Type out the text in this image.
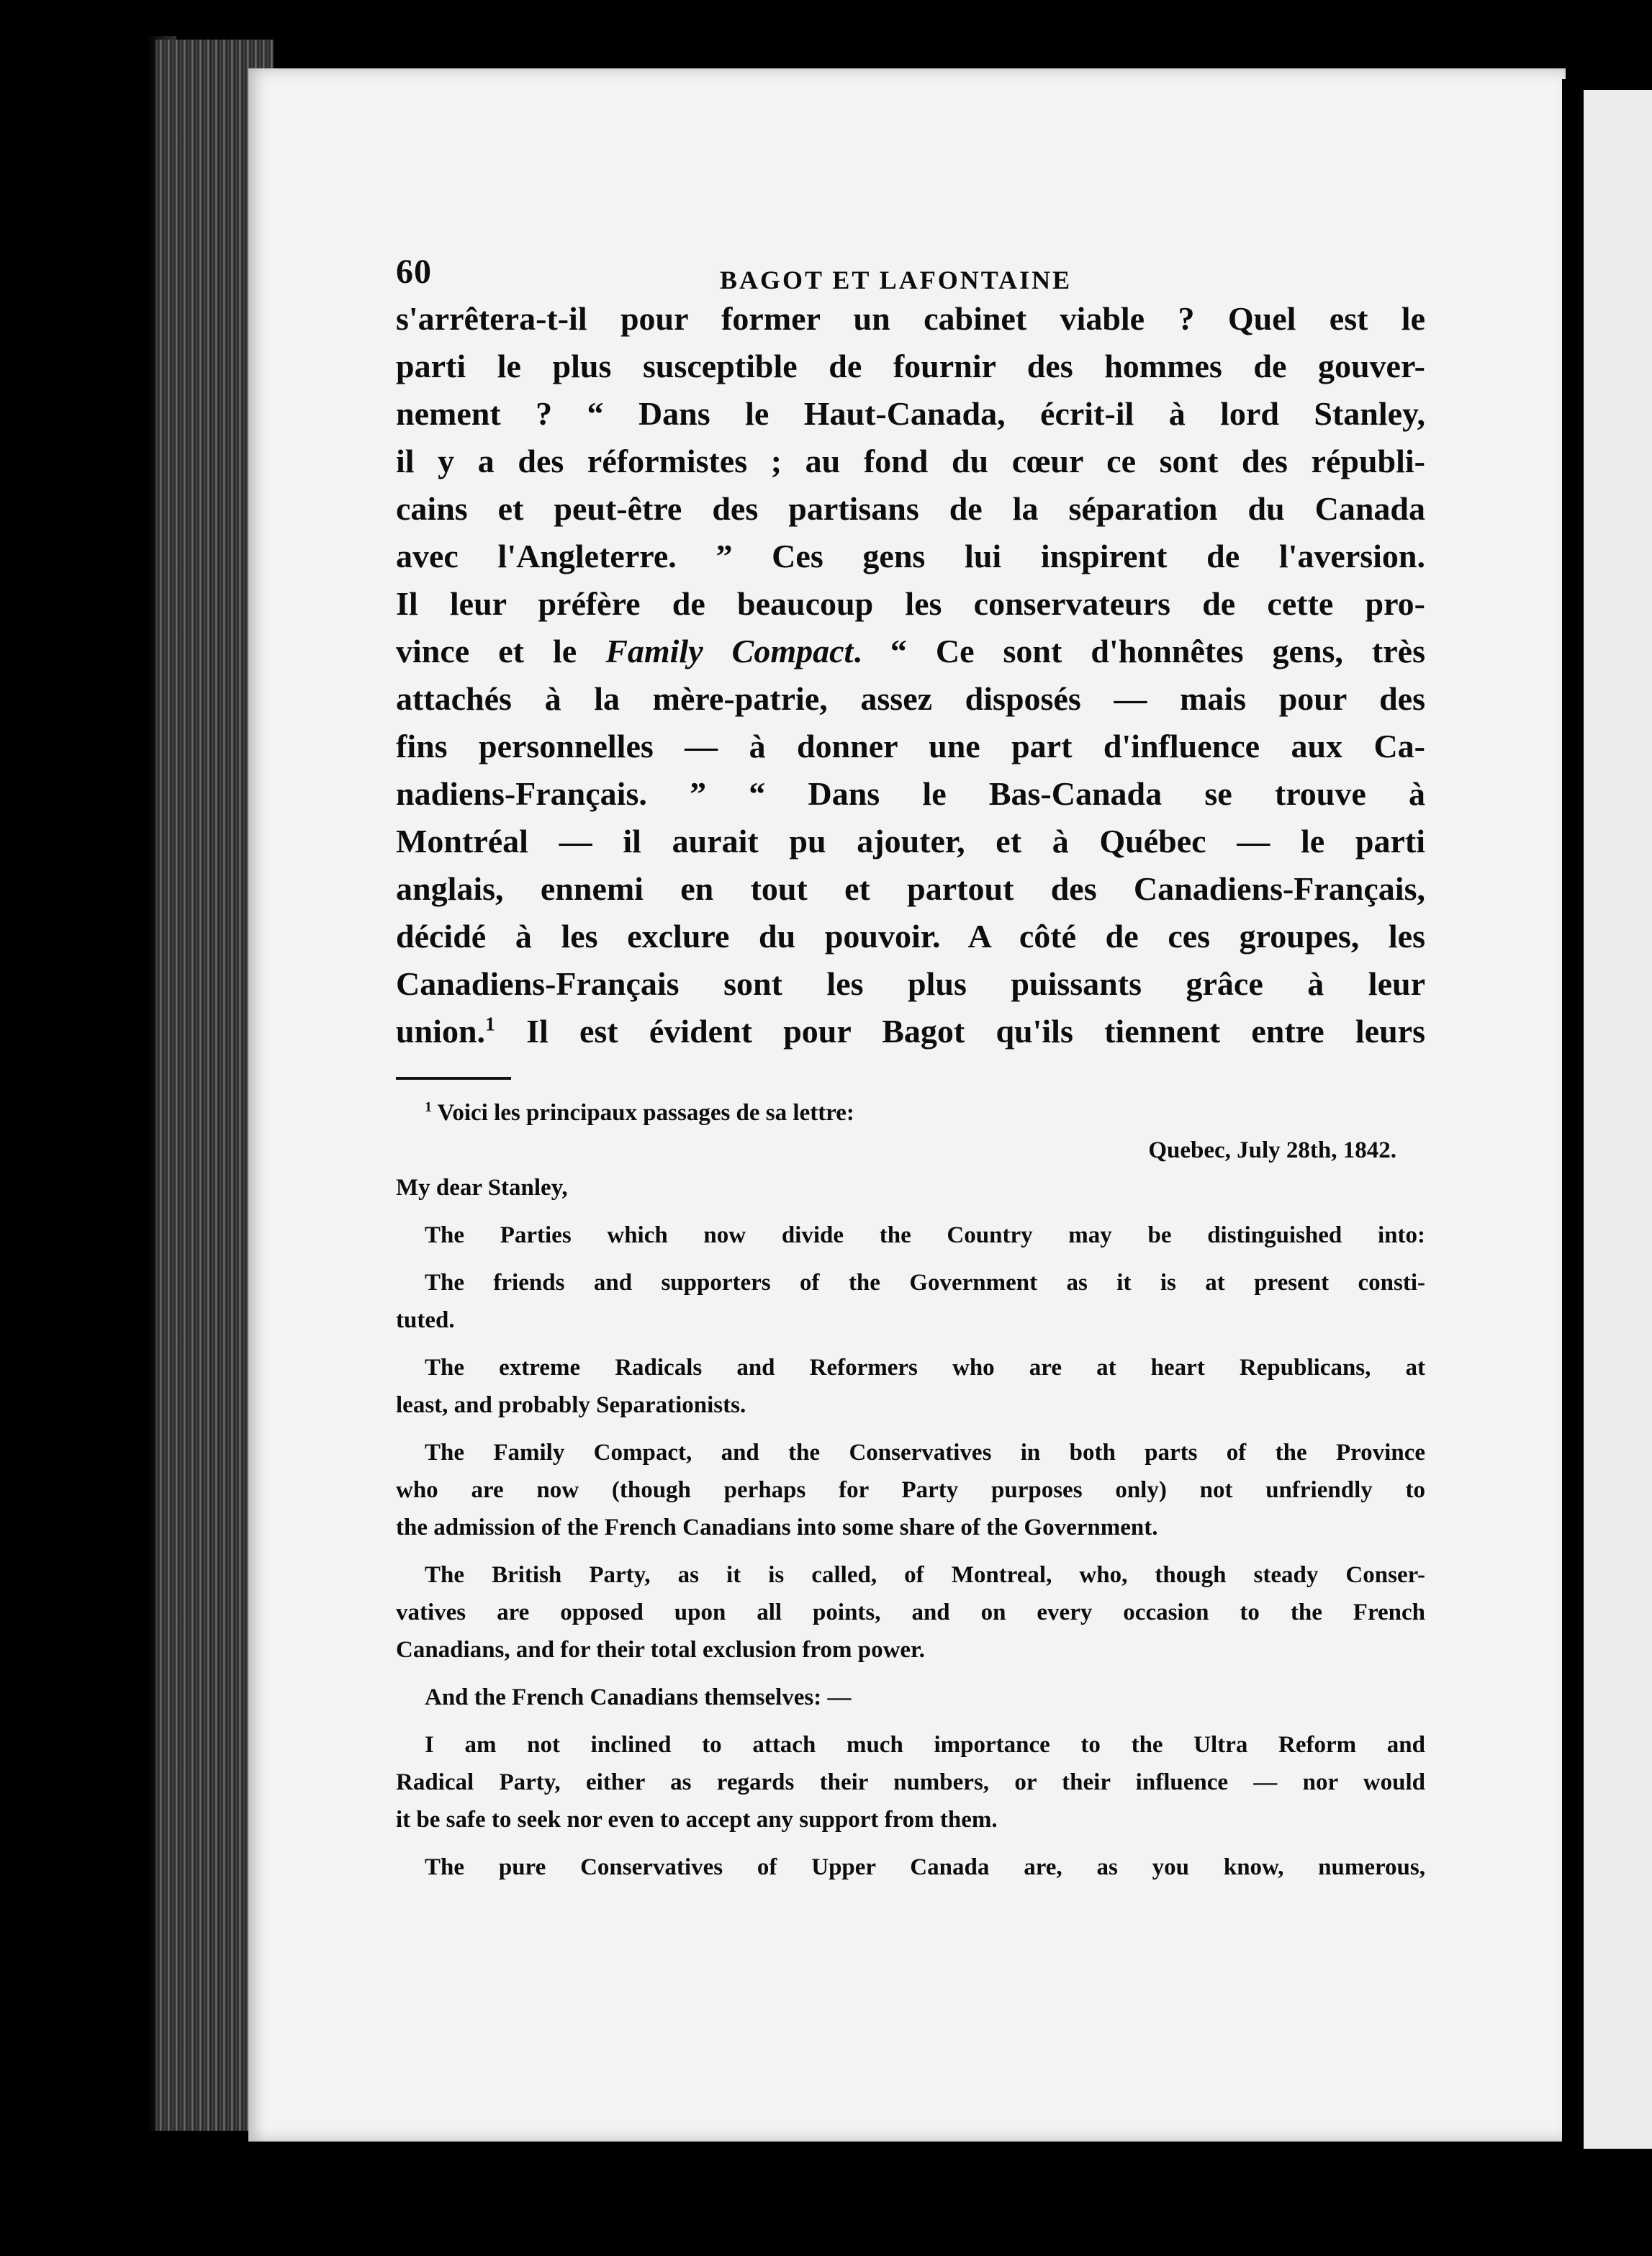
60	BAGOT ET LAFONTAINE
s'arrêtera-t-il pour former un cabinet viable ? Quel est le
parti le plus susceptible de fournir des hommes de gouver-
nement ? “ Dans le Haut-Canada, écrit-il à lord Stanley,
il y a des réformistes ; au fond du cœur ce sont des républi-
cains et peut-être des partisans de la séparation du Canada
avec l'Angleterre. ” Ces gens lui inspirent de l'aversion.
Il leur préfère de beaucoup les conservateurs de cette pro-
vince et le Family Compact. “ Ce sont d'honnêtes gens, très
attachés à la mère-patrie, assez disposés — mais pour des
fins personnelles — à donner une part d'influence aux Ca-
nadiens-Français. ” “ Dans le Bas-Canada se trouve à
Montréal — il aurait pu ajouter, et à Québec — le parti
anglais, ennemi en tout et partout des Canadiens-Français,
décidé à les exclure du pouvoir. A côté de ces groupes, les
Canadiens-Français sont les plus puissants grâce à leur
union.$^1$ Il est évident pour Bagot qu'ils tiennent entre leurs
$^1$ Voici les principaux passages de sa lettre:
Quebec, July 28th, 1842.
My dear Stanley,
The Parties which now divide the Country may be distinguished into:
The friends and supporters of the Government as it is at present consti-
tuted.
The extreme Radicals and Reformers who are at heart Republicans, at
least, and probably Separationists.
The Family Compact, and the Conservatives in both parts of the Province
who are now (though perhaps for Party purposes only) not unfriendly to
the admission of the French Canadians into some share of the Government.
The British Party, as it is called, of Montreal, who, though steady Conser-
vatives are opposed upon all points, and on every occasion to the French
Canadians, and for their total exclusion from power.
And the French Canadians themselves: —
I am not inclined to attach much importance to the Ultra Reform and
Radical Party, either as regards their numbers, or their influence — nor would
it be safe to seek nor even to accept any support from them.
The pure Conservatives of Upper Canada are, as you know, numerous,
